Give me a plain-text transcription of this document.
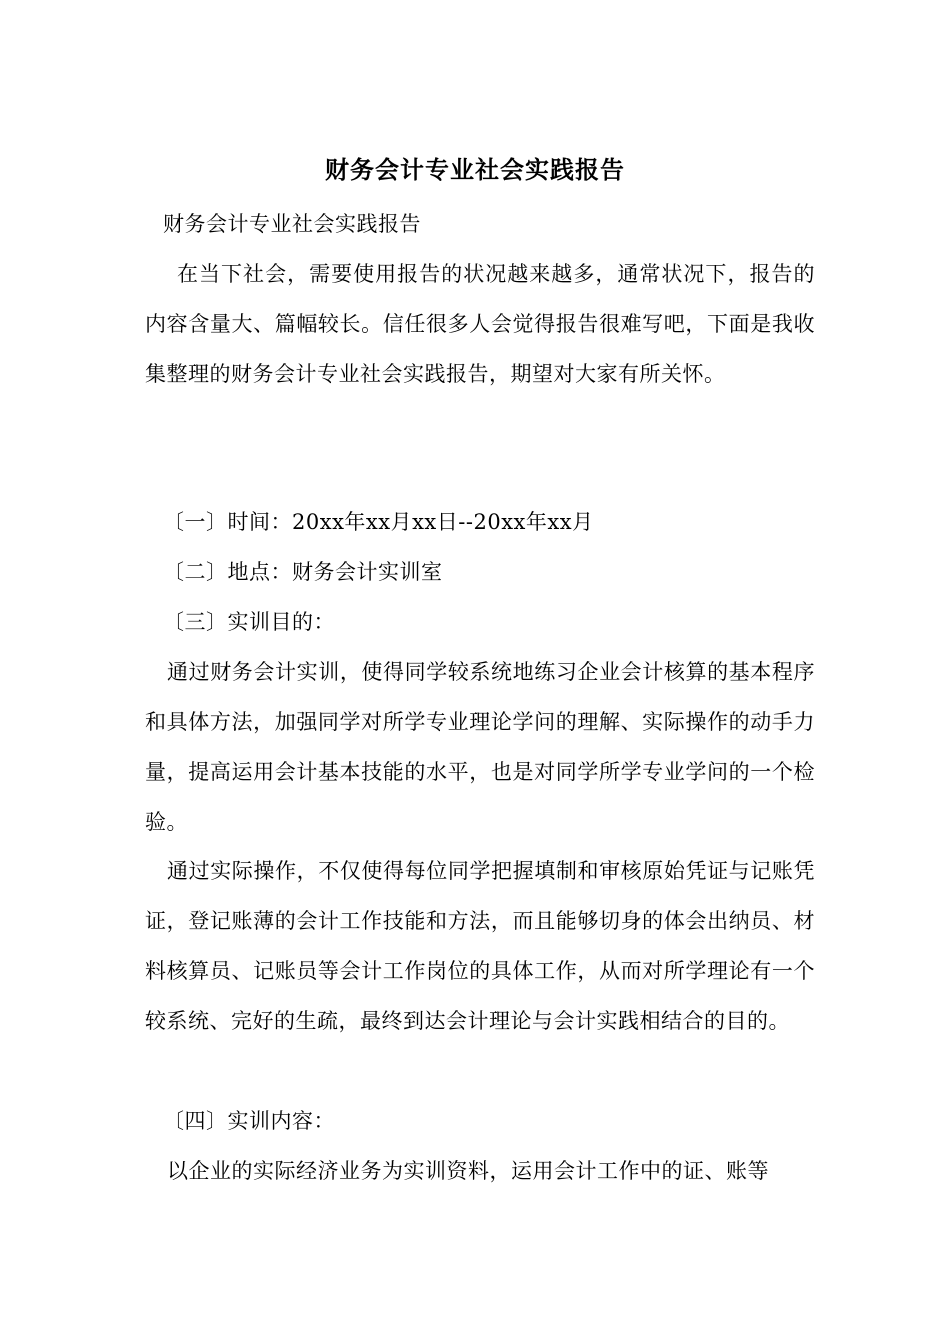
财务会计专业社会实践报告

财务会计专业社会实践报告

在当下社会，需要使用报告的状况越来越多，通常状况下，报告的内容含量大、篇幅较长。信任很多人会觉得报告很难写吧，下面是我收集整理的财务会计专业社会实践报告，期望对大家有所关怀。

〔一〕时间：20xx年xx月xx日--20xx年xx月

〔二〕地点：财务会计实训室

〔三〕实训目的：

通过财务会计实训，使得同学较系统地练习企业会计核算的基本程序和具体方法，加强同学对所学专业理论学问的理解、实际操作的动手力量，提高运用会计基本技能的水平，也是对同学所学专业学问的一个检验。

通过实际操作，不仅使得每位同学把握填制和审核原始凭证与记账凭证，登记账薄的会计工作技能和方法，而且能够切身的体会出纳员、材料核算员、记账员等会计工作岗位的具体工作，从而对所学理论有一个较系统、完好的生疏，最终到达会计理论与会计实践相结合的目的。

〔四〕实训内容：

以企业的实际经济业务为实训资料，运用会计工作中的证、账等
